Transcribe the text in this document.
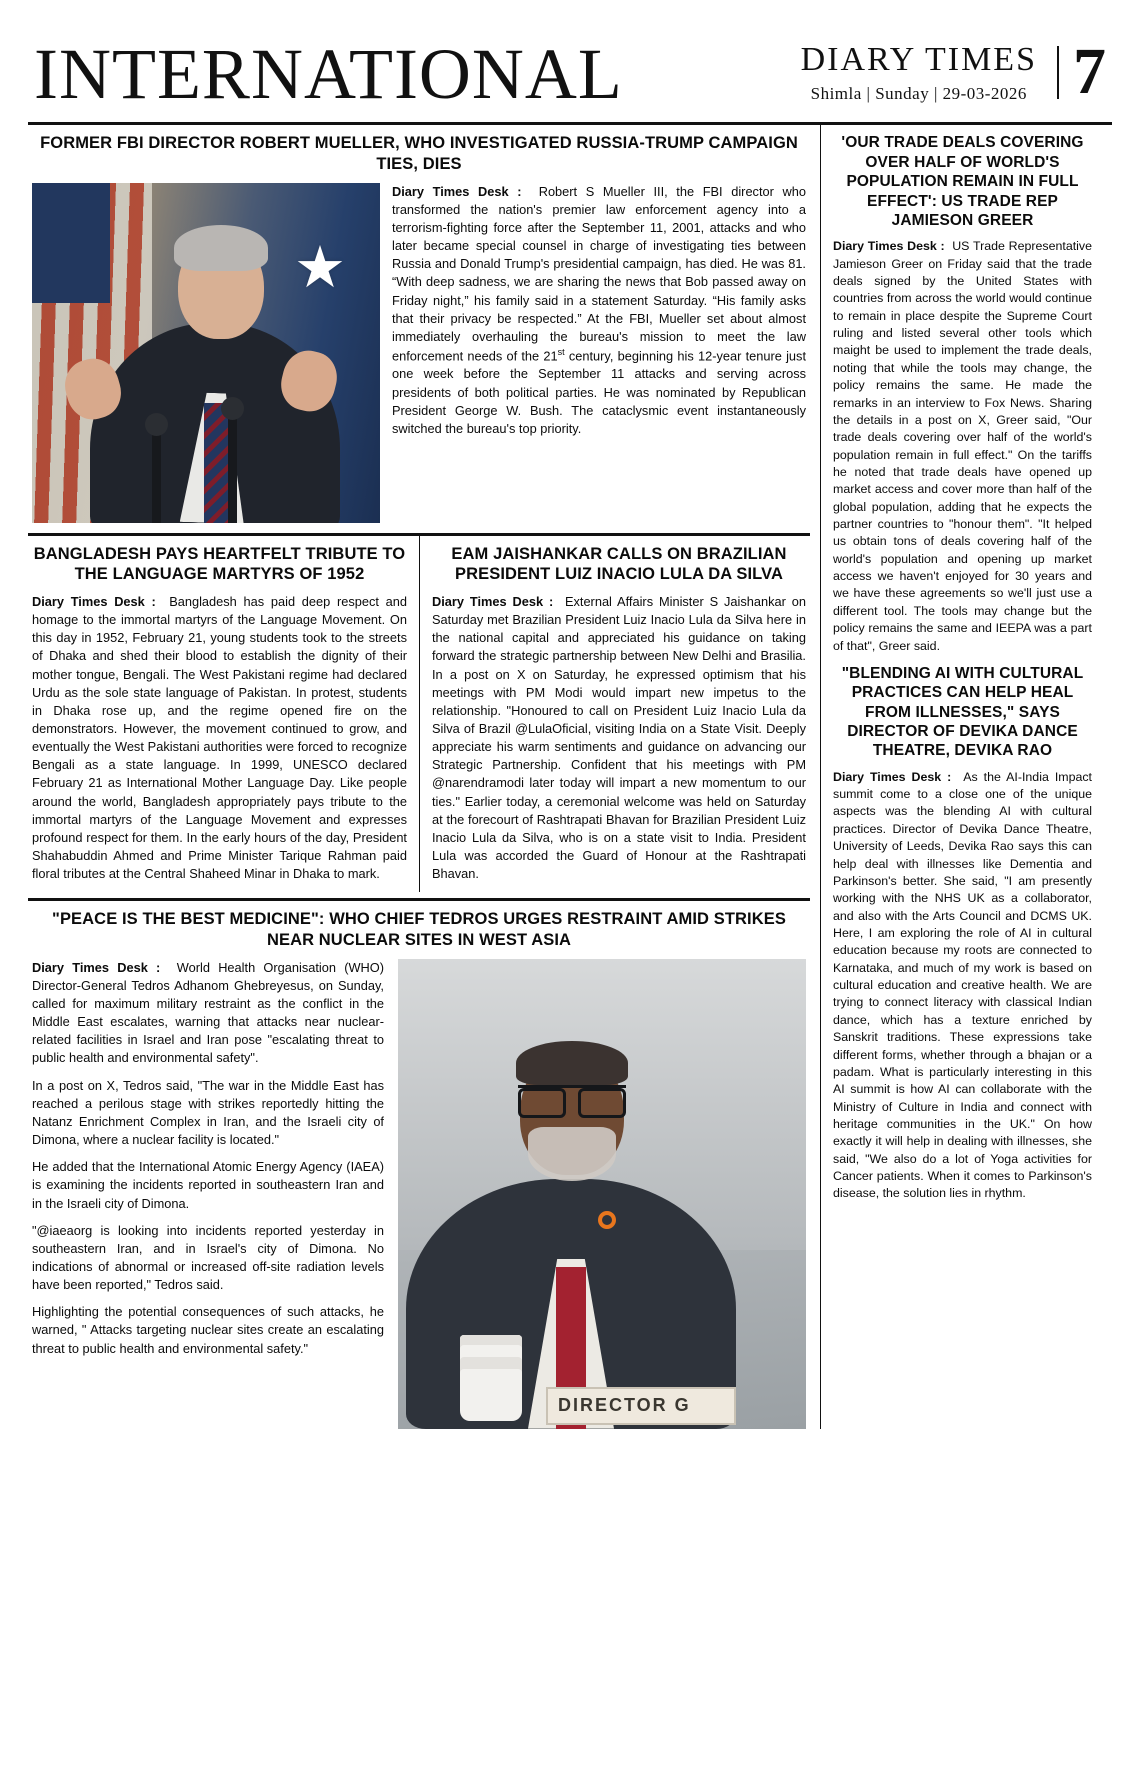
INTERNATIONAL	DIARY TIMES
Shimla | Sunday | 29-03-2026 7
FORMER FBI DIRECTOR ROBERT MUELLER, WHO INVESTIGATED RUSSIA-TRUMP CAMPAIGN TIES, DIES
★

Diary Times Desk : Robert S Mueller III, the FBI director who transformed the nation's premier law enforcement agency into a terrorism-fighting force after the September 11, 2001, attacks and who later became special counsel in charge of investigating ties between Russia and Donald Trump's presidential campaign, has died. He was 81. “With deep sadness, we are sharing the news that Bob passed away on Friday night,” his family said in a statement Saturday. “His family asks that their privacy be respected.” At the FBI, Mueller set about almost immediately overhauling the bureau's mission to meet the law enforcement needs of the 21st century, beginning his 12-year tenure just one week before the September 11 attacks and serving across presidents of both political parties. He was nominated by Republican President George W. Bush. The cataclysmic event instantaneously switched the bureau's top priority.

BANGLADESH PAYS HEARTFELT TRIBUTE TO THE LANGUAGE MARTYRS OF 1952

Diary Times Desk : Bangladesh has paid deep respect and homage to the immortal martyrs of the Language Movement. On this day in 1952, February 21, young students took to the streets of Dhaka and shed their blood to establish the dignity of their mother tongue, Bengali. The West Pakistani regime had declared Urdu as the sole state language of Pakistan. In protest, students in Dhaka rose up, and the regime opened fire on the demonstrators. However, the movement continued to grow, and eventually the West Pakistani authorities were forced to recognize Bengali as a state language. In 1999, UNESCO declared February 21 as International Mother Language Day. Like people around the world, Bangladesh appropriately pays tribute to the immortal martyrs of the Language Movement and expresses profound respect for them. In the early hours of the day, President Shahabuddin Ahmed and Prime Minister Tarique Rahman paid floral tributes at the Central Shaheed Minar in Dhaka to mark.

EAM JAISHANKAR CALLS ON BRAZILIAN PRESIDENT LUIZ INACIO LULA DA SILVA

Diary Times Desk : External Affairs Minister S Jaishankar on Saturday met Brazilian President Luiz Inacio Lula da Silva here in the national capital and appreciated his guidance on taking forward the strategic partnership between New Delhi and Brasilia. In a post on X on Saturday, he expressed optimism that his meetings with PM Modi would impart new impetus to the relationship. "Honoured to call on President Luiz Inacio Lula da Silva of Brazil @LulaOficial, visiting India on a State Visit. Deeply appreciate his warm sentiments and guidance on advancing our Strategic Partnership. Confident that his meetings with PM @narendramodi later today will impart a new momentum to our ties." Earlier today, a ceremonial welcome was held on Saturday at the forecourt of Rashtrapati Bhavan for Brazilian President Luiz Inacio Lula da Silva, who is on a state visit to India. President Lula was accorded the Guard of Honour at the Rashtrapati Bhavan.

"PEACE IS THE BEST MEDICINE": WHO CHIEF TEDROS URGES RESTRAINT AMID STRIKES NEAR NUCLEAR SITES IN WEST ASIA

Diary Times Desk : World Health Organisation (WHO) Director-General Tedros Adhanom Ghebreyesus, on Sunday, called for maximum military restraint as the conflict in the Middle East escalates, warning that attacks near nuclear-related facilities in Israel and Iran pose "escalating threat to public health and environmental safety".

In a post on X, Tedros said, "The war in the Middle East has reached a perilous stage with strikes reportedly hitting the Natanz Enrichment Complex in Iran, and the Israeli city of Dimona, where a nuclear facility is located."

He added that the International Atomic Energy Agency (IAEA) is examining the incidents reported in southeastern Iran and in the Israeli city of Dimona.

"@iaeaorg is looking into incidents reported yesterday in southeastern Iran, and in Israel's city of Dimona. No indications of abnormal or increased off-site radiation levels have been reported," Tedros said.

Highlighting the potential consequences of such attacks, he warned, " Attacks targeting nuclear sites create an escalating threat to public health and environmental safety."

DIRECTOR G
'OUR TRADE DEALS COVERING OVER HALF OF WORLD'S POPULATION REMAIN IN FULL EFFECT': US TRADE REP JAMIESON GREER

Diary Times Desk : US Trade Representative Jamieson Greer on Friday said that the trade deals signed by the United States with countries from across the world would continue to remain in place despite the Supreme Court ruling and listed several other tools which maight be used to implement the trade deals, noting that while the tools may change, the policy remains the same. He made the remarks in an interview to Fox News. Sharing the details in a post on X, Greer said, "Our trade deals covering over half of the world's population remain in full effect." On the tariffs he noted that trade deals have opened up market access and cover more than half of the global population, adding that he expects the partner countries to "honour them". "It helped us obtain tons of deals covering half of the world's population and opening up market access we haven't enjoyed for 30 years and we have these agreements so we'll just use a different tool. The tools may change but the policy remains the same and IEEPA was a part of that", Greer said.

"BLENDING AI WITH CULTURAL PRACTICES CAN HELP HEAL FROM ILLNESSES," SAYS DIRECTOR OF DEVIKA DANCE THEATRE, DEVIKA RAO

Diary Times Desk : As the AI-India Impact summit come to a close one of the unique aspects was the blending AI with cultural practices. Director of Devika Dance Theatre, University of Leeds, Devika Rao says this can help deal with illnesses like Dementia and Parkinson's better. She said, "I am presently working with the NHS UK as a collaborator, and also with the Arts Council and DCMS UK. Here, I am exploring the role of AI in cultural education because my roots are connected to Karnataka, and much of my work is based on cultural education and creative health. We are trying to connect literacy with classical Indian dance, which has a texture enriched by Sanskrit traditions. These expressions take different forms, whether through a bhajan or a padam. What is particularly interesting in this AI summit is how AI can collaborate with the Ministry of Culture in India and connect with heritage communities in the UK." On how exactly it will help in dealing with illnesses, she said, "We also do a lot of Yoga activities for Cancer patients. When it comes to Parkinson's disease, the solution lies in rhythm.
